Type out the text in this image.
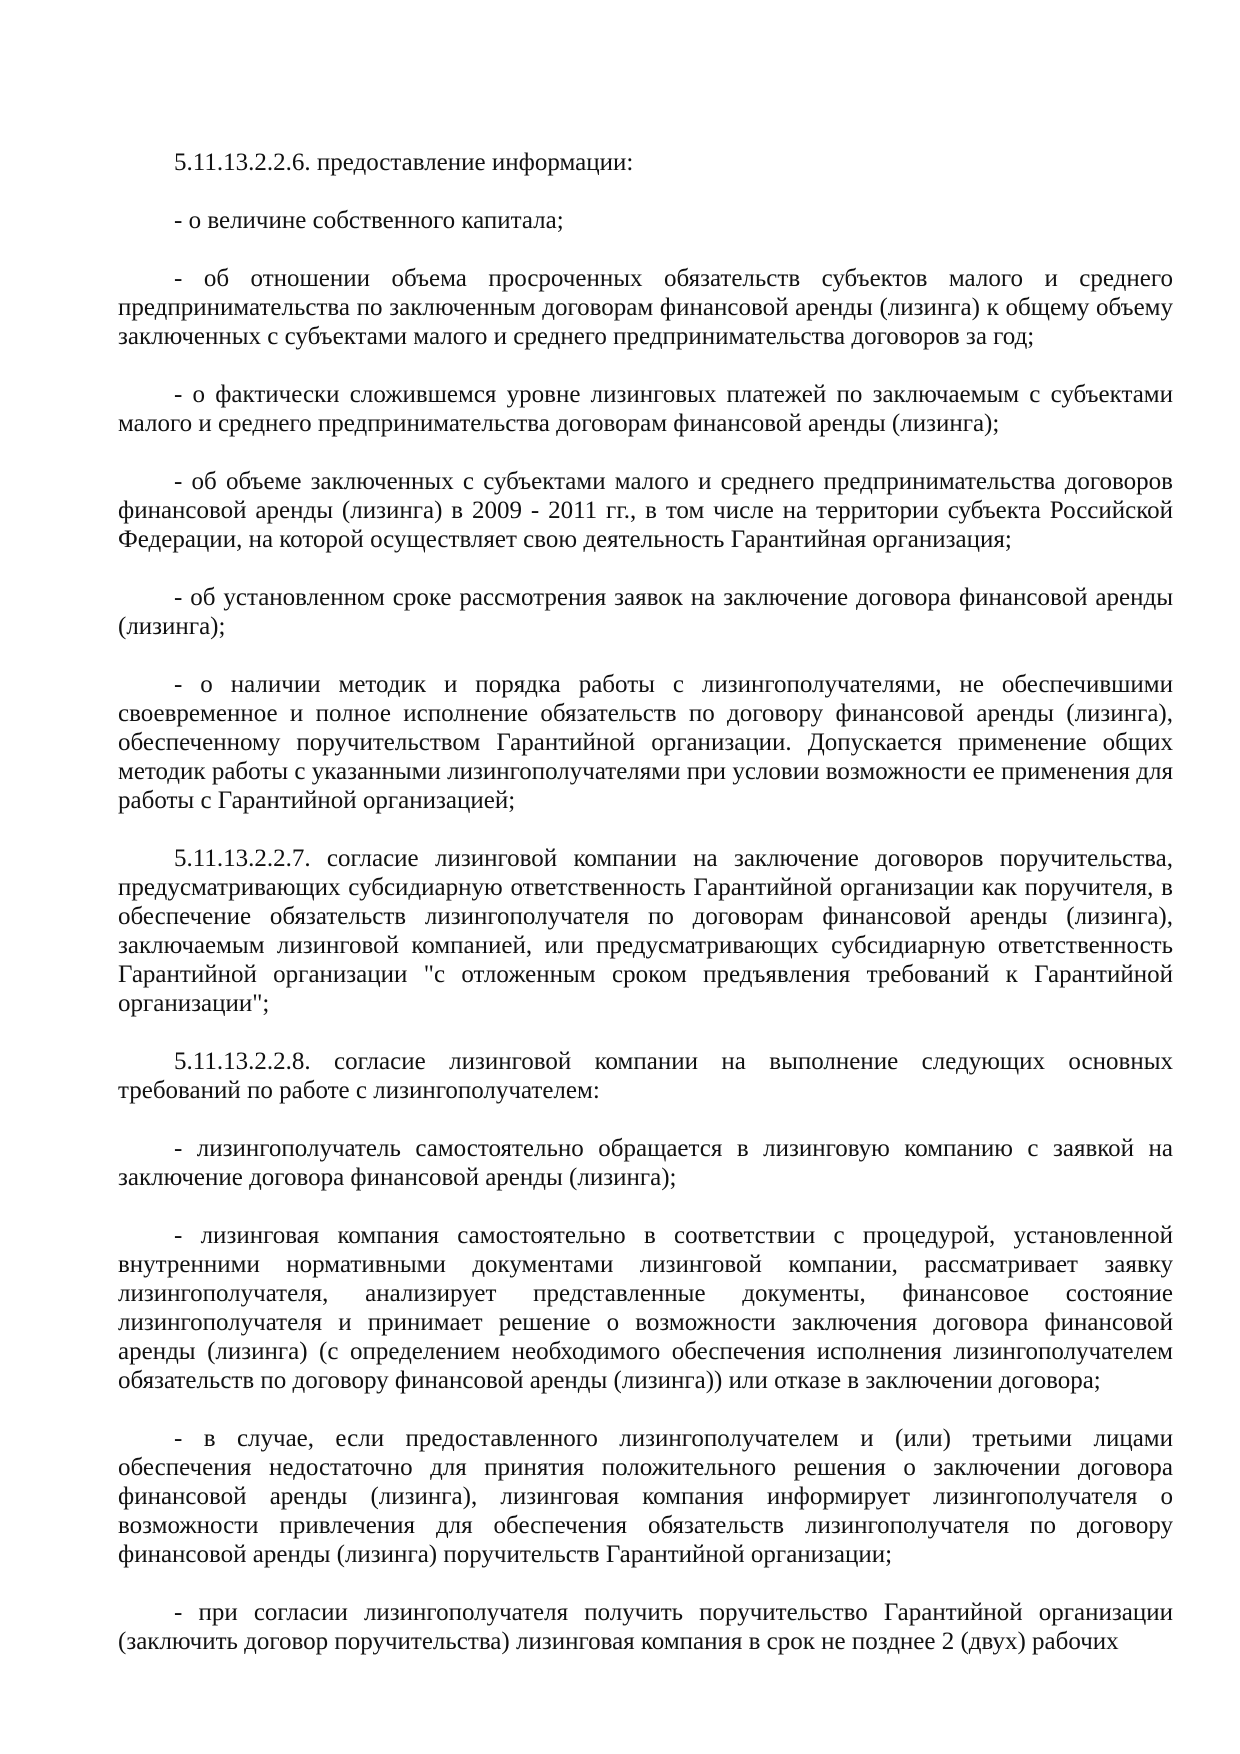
5.11.13.2.2.6. предоставление информации:

- о величине собственного капитала;

- об отношении объема просроченных обязательств субъектов малого и среднего предпринимательства по заключенным договорам финансовой аренды (лизинга) к общему объему заключенных с субъектами малого и среднего предпринимательства договоров за год;

- о фактически сложившемся уровне лизинговых платежей по заключаемым с субъектами малого и среднего предпринимательства договорам финансовой аренды (лизинга);

- об объеме заключенных с субъектами малого и среднего предпринимательства договоров финансовой аренды (лизинга) в 2009 - 2011 гг., в том числе на территории субъекта Российской Федерации, на которой осуществляет свою деятельность Гарантийная организация;

- об установленном сроке рассмотрения заявок на заключение договора финансовой аренды (лизинга);

- о наличии методик и порядка работы с лизингополучателями, не обеспечившими своевременное и полное исполнение обязательств по договору финансовой аренды (лизинга), обеспеченному поручительством Гарантийной организации. Допускается применение общих методик работы с указанными лизингополучателями при условии возможности ее применения для работы с Гарантийной организацией;

5.11.13.2.2.7. согласие лизинговой компании на заключение договоров поручительства, предусматривающих субсидиарную ответственность Гарантийной организации как поручителя, в обеспечение обязательств лизингополучателя по договорам финансовой аренды (лизинга), заключаемым лизинговой компанией, или предусматривающих субсидиарную ответственность Гарантийной организации "с отложенным сроком предъявления требований к Гарантийной организации";

5.11.13.2.2.8. согласие лизинговой компании на выполнение следующих основных требований по работе с лизингополучателем:

- лизингополучатель самостоятельно обращается в лизинговую компанию с заявкой на заключение договора финансовой аренды (лизинга);

- лизинговая компания самостоятельно в соответствии с процедурой, установленной внутренними нормативными документами лизинговой компании, рассматривает заявку лизингополучателя, анализирует представленные документы, финансовое состояние лизингополучателя и принимает решение о возможности заключения договора финансовой аренды (лизинга) (с определением необходимого обеспечения исполнения лизингополучателем обязательств по договору финансовой аренды (лизинга)) или отказе в заключении договора;

- в случае, если предоставленного лизингополучателем и (или) третьими лицами обеспечения недостаточно для принятия положительного решения о заключении договора финансовой аренды (лизинга), лизинговая компания информирует лизингополучателя о возможности привлечения для обеспечения обязательств лизингополучателя по договору финансовой аренды (лизинга) поручительств Гарантийной организации;

- при согласии лизингополучателя получить поручительство Гарантийной организации (заключить договор поручительства) лизинговая компания в срок не позднее 2 (двух) рабочих
